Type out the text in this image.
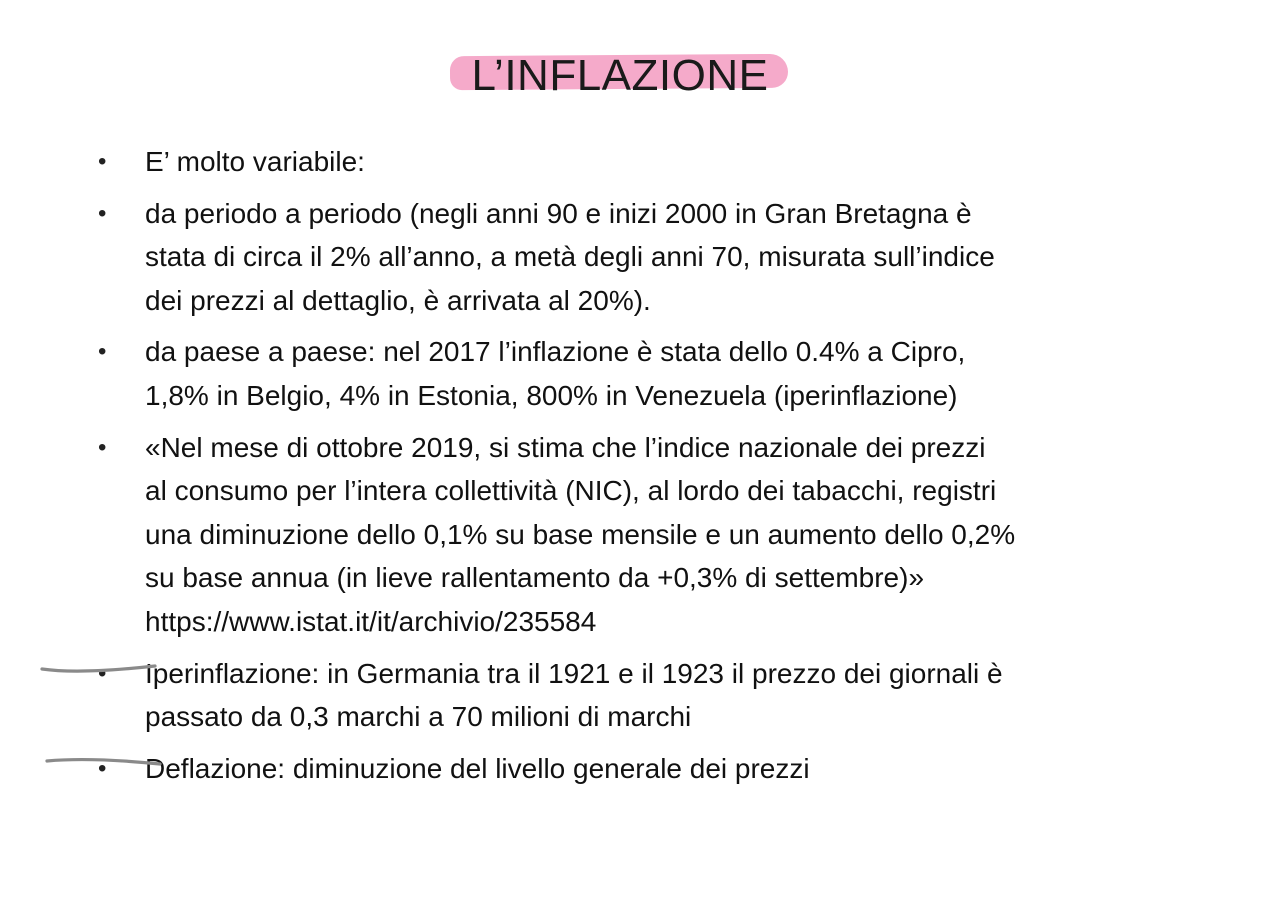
L’INFLAZIONE
•	E’ molto variabile:
•	da periodo a periodo (negli anni 90 e inizi 2000 in Gran Bretagna è
stata di circa il 2% all’anno, a metà degli anni 70, misurata sull’indice
dei prezzi al dettaglio, è arrivata al 20%).
•	da paese a paese: nel 2017 l’inflazione è stata dello 0.4% a Cipro,
1,8% in Belgio, 4% in Estonia, 800% in Venezuela (iperinflazione)
•	«Nel mese di ottobre 2019, si stima che l’indice nazionale dei prezzi
al consumo per l’intera collettività (NIC), al lordo dei tabacchi, registri
una diminuzione dello 0,1% su base mensile e un aumento dello 0,2%
su base annua (in lieve rallentamento da +0,3% di settembre)»
https://www.istat.it/it/archivio/235584
•	Iperinflazione: in Germania tra il 1921 e il 1923 il prezzo dei giornali è
passato da 0,3 marchi a 70 milioni di marchi
•	Deflazione: diminuzione del livello generale dei prezzi
